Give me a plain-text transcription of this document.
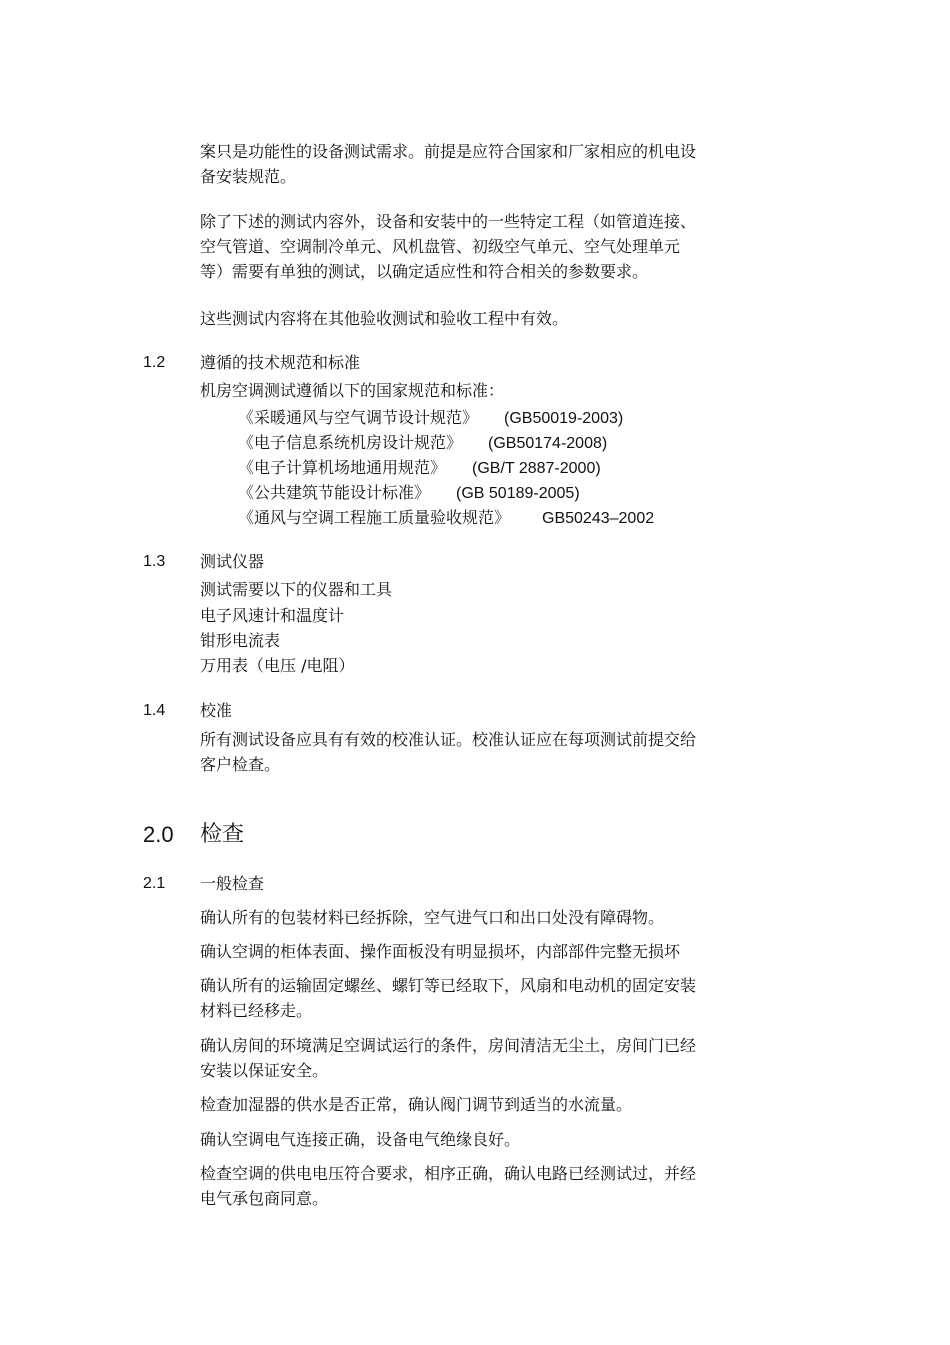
案只是功能性的设备测试需求。前提是应符合国家和厂家相应的机电设
备安装规范。
除了下述的测试内容外，设备和安装中的一些特定工程（如管道连接、
空气管道、空调制冷单元、风机盘管、初级空气单元、空气处理单元
等）需要有单独的测试，以确定适应性和符合相关的参数要求。
这些测试内容将在其他验收测试和验收工程中有效。
1.2 遵循的技术规范和标准
机房空调测试遵循以下的国家规范和标准：
《采暖通风与空气调节设计规范》 (GB50019-2003)
《电子信息系统机房设计规范》 (GB50174-2008)
《电子计算机场地通用规范》 (GB/T 2887-2000)
《公共建筑节能设计标准》 (GB 50189-2005)
《通风与空调工程施工质量验收规范》 GB50243–2002
1.3 测试仪器
测试需要以下的仪器和工具
电子风速计和温度计
钳形电流表
万用表（电压 /电阻）
1.4 校准
所有测试设备应具有有效的校准认证。校准认证应在每项测试前提交给
客户检查。
2.0 检查
2.1 一般检查
确认所有的包装材料已经拆除，空气进气口和出口处没有障碍物。
确认空调的柜体表面、操作面板没有明显损坏，内部部件完整无损坏
确认所有的运输固定螺丝、螺钉等已经取下，风扇和电动机的固定安装
材料已经移走。
确认房间的环境满足空调试运行的条件，房间清洁无尘土，房间门已经
安装以保证安全。
检查加湿器的供水是否正常，确认阀门调节到适当的水流量。
确认空调电气连接正确，设备电气绝缘良好。
检查空调的供电电压符合要求，相序正确，确认电路已经测试过，并经
电气承包商同意。
